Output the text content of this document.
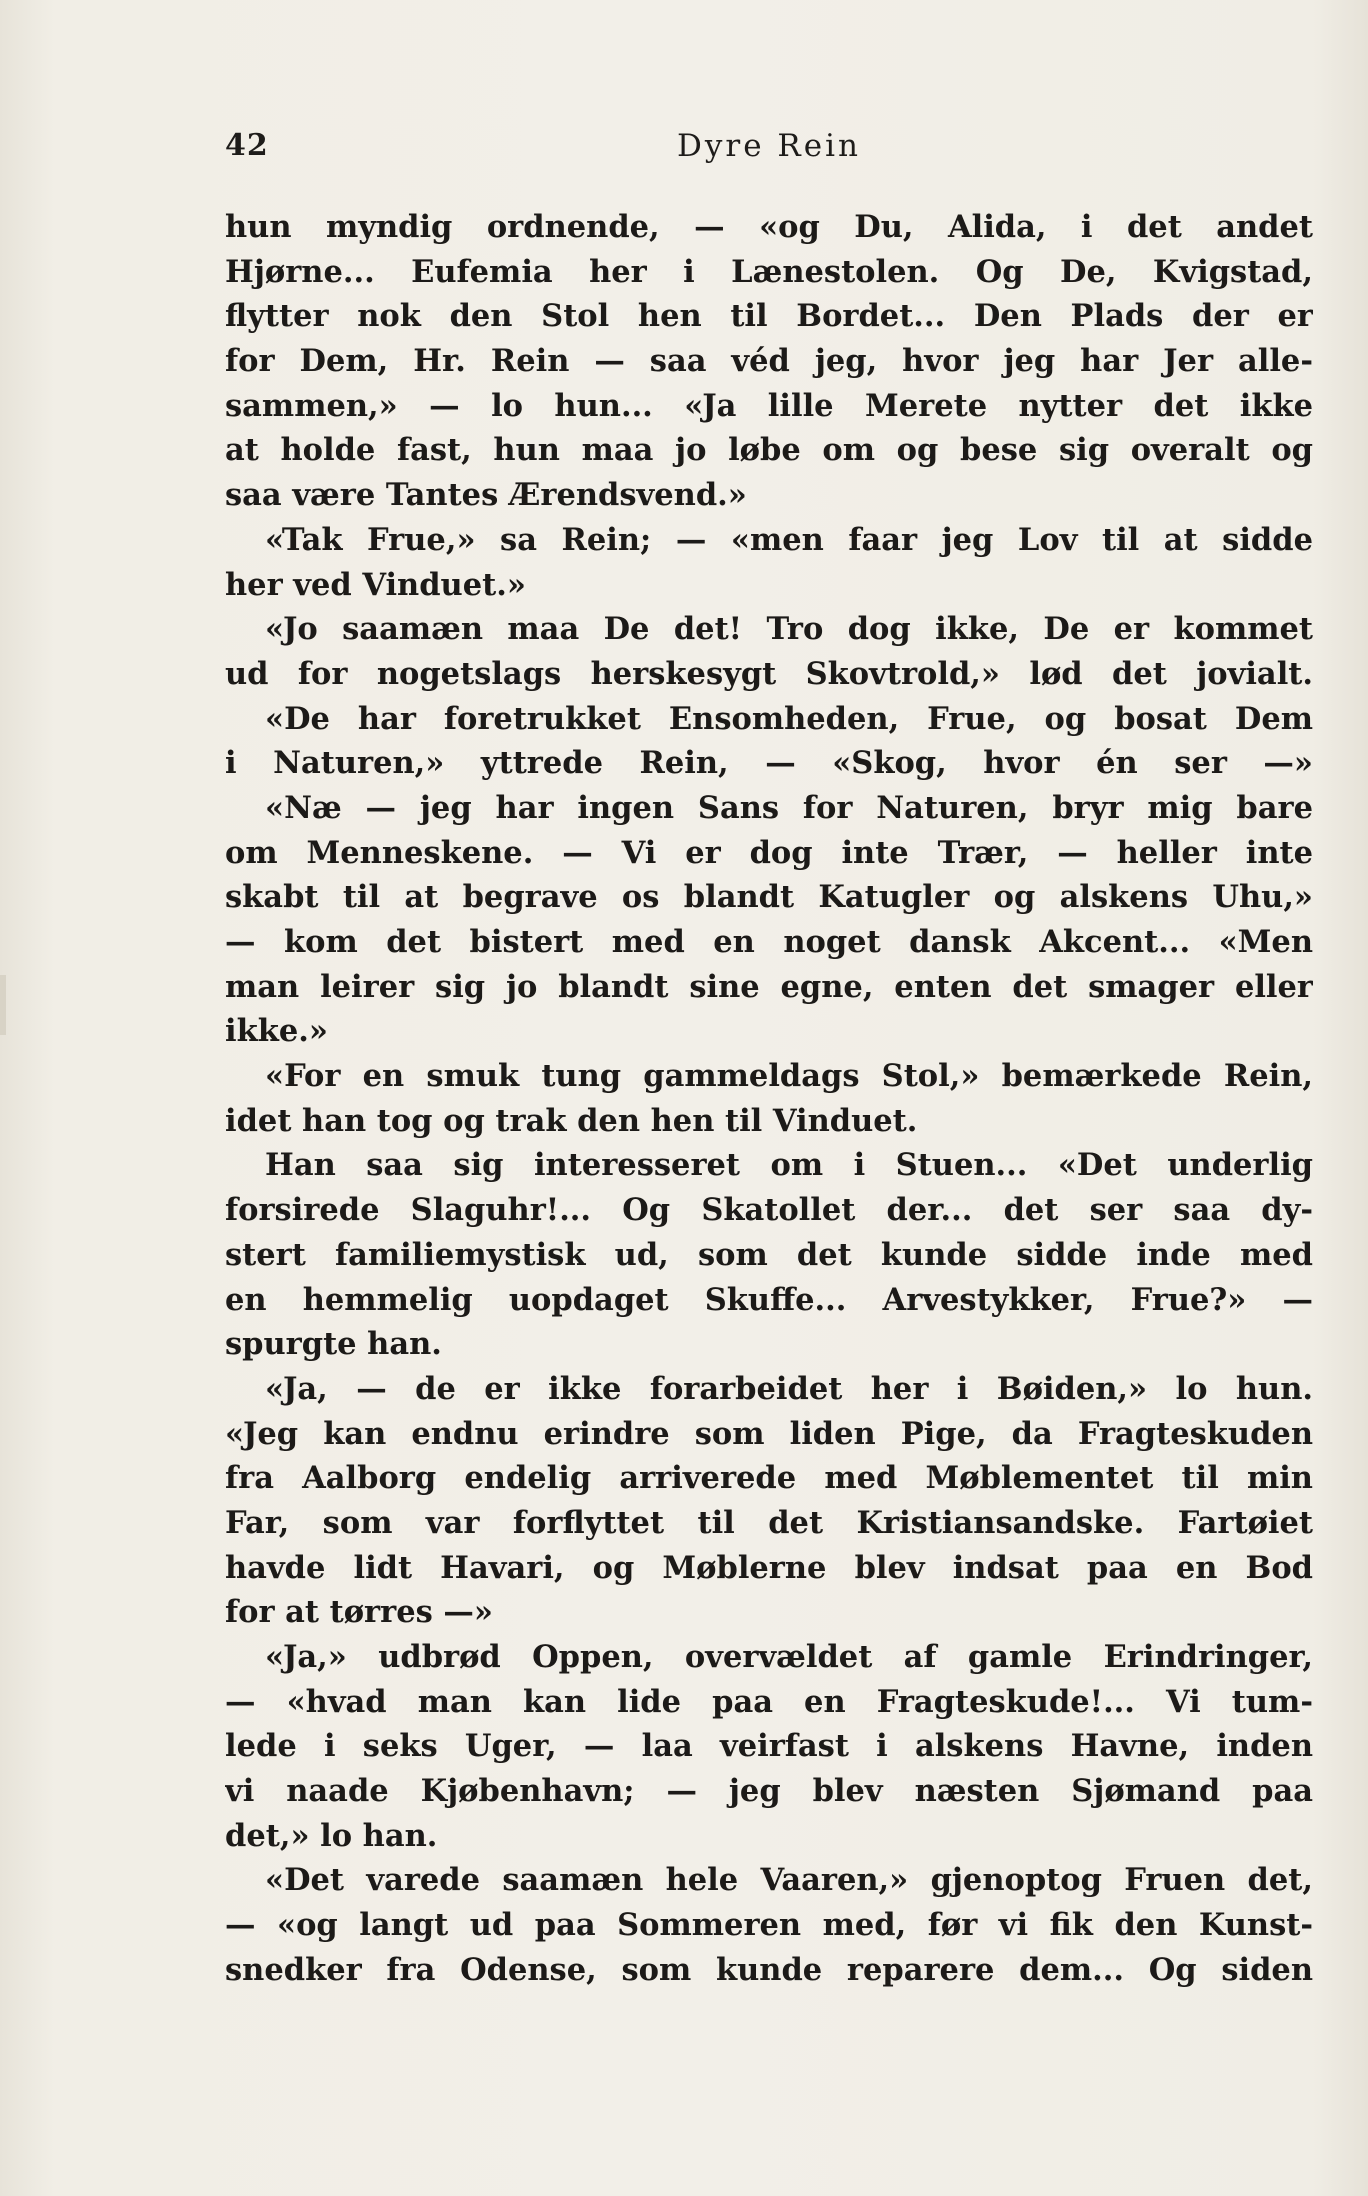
42	Dyre Rein
hun myndig ordnende, — «og Du, Alida, i det andet
Hjørne... Eufemia her i Lænestolen. Og De, Kvigstad,
flytter nok den Stol hen til Bordet... Den Plads der er
for Dem, Hr. Rein — saa véd jeg, hvor jeg har Jer alle-
sammen,» — lo hun... «Ja lille Merete nytter det ikke
at holde fast, hun maa jo løbe om og bese sig overalt og
saa være Tantes Ærendsvend.»
«Tak Frue,» sa Rein; — «men faar jeg Lov til at sidde
her ved Vinduet.»
«Jo saamæn maa De det! Tro dog ikke, De er kommet
ud for nogetslags herskesygt Skovtrold,» lød det jovialt.
«De har foretrukket Ensomheden, Frue, og bosat Dem
i Naturen,» yttrede Rein, — «Skog, hvor én ser —»
«Næ — jeg har ingen Sans for Naturen, bryr mig bare
om Menneskene. — Vi er dog inte Trær, — heller inte
skabt til at begrave os blandt Katugler og alskens Uhu,»
— kom det bistert med en noget dansk Akcent... «Men
man leirer sig jo blandt sine egne, enten det smager eller
ikke.»
«For en smuk tung gammeldags Stol,» bemærkede Rein,
idet han tog og trak den hen til Vinduet.
Han saa sig interesseret om i Stuen... «Det underlig
forsirede Slaguhr!... Og Skatollet der... det ser saa dy-
stert familiemystisk ud, som det kunde sidde inde med
en hemmelig uopdaget Skuffe... Arvestykker, Frue?» —
spurgte han.
«Ja, — de er ikke forarbeidet her i Bøiden,» lo hun.
«Jeg kan endnu erindre som liden Pige, da Fragteskuden
fra Aalborg endelig arriverede med Møblementet til min
Far, som var forflyttet til det Kristiansandske. Fartøiet
havde lidt Havari, og Møblerne blev indsat paa en Bod
for at tørres —»
«Ja,» udbrød Oppen, overvældet af gamle Erindringer,
— «hvad man kan lide paa en Fragteskude!... Vi tum-
lede i seks Uger, — laa veirfast i alskens Havne, inden
vi naade Kjøbenhavn; — jeg blev næsten Sjømand paa
det,» lo han.
«Det varede saamæn hele Vaaren,» gjenoptog Fruen det,
— «og langt ud paa Sommeren med, før vi fik den Kunst-
snedker fra Odense, som kunde reparere dem... Og siden
